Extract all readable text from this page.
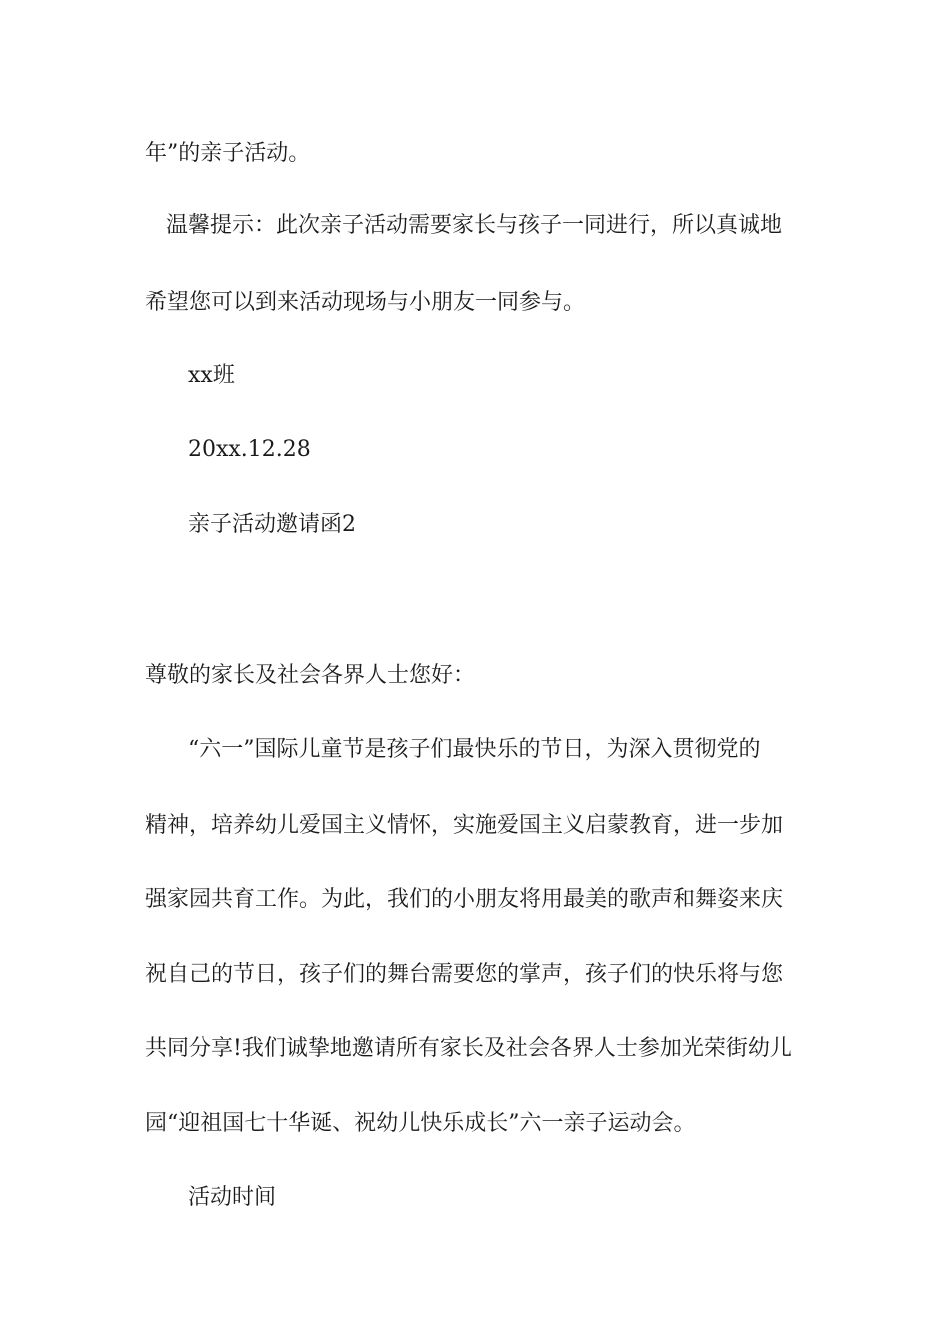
年”的亲子活动。
温馨提示：此次亲子活动需要家长与孩子一同进行，所以真诚地
希望您可以到来活动现场与小朋友一同参与。
xx班
20xx.12.28
亲子活动邀请函2
尊敬的家长及社会各界人士您好：
“六一”国际儿童节是孩子们最快乐的节日，为深入贯彻党的
精神，培养幼儿爱国主义情怀，实施爱国主义启蒙教育，进一步加
强家园共育工作。为此，我们的小朋友将用最美的歌声和舞姿来庆
祝自己的节日，孩子们的舞台需要您的掌声，孩子们的快乐将与您
共同分享!我们诚挚地邀请所有家长及社会各界人士参加光荣街幼儿
园“迎祖国七十华诞、祝幼儿快乐成长”六一亲子运动会。
活动时间
